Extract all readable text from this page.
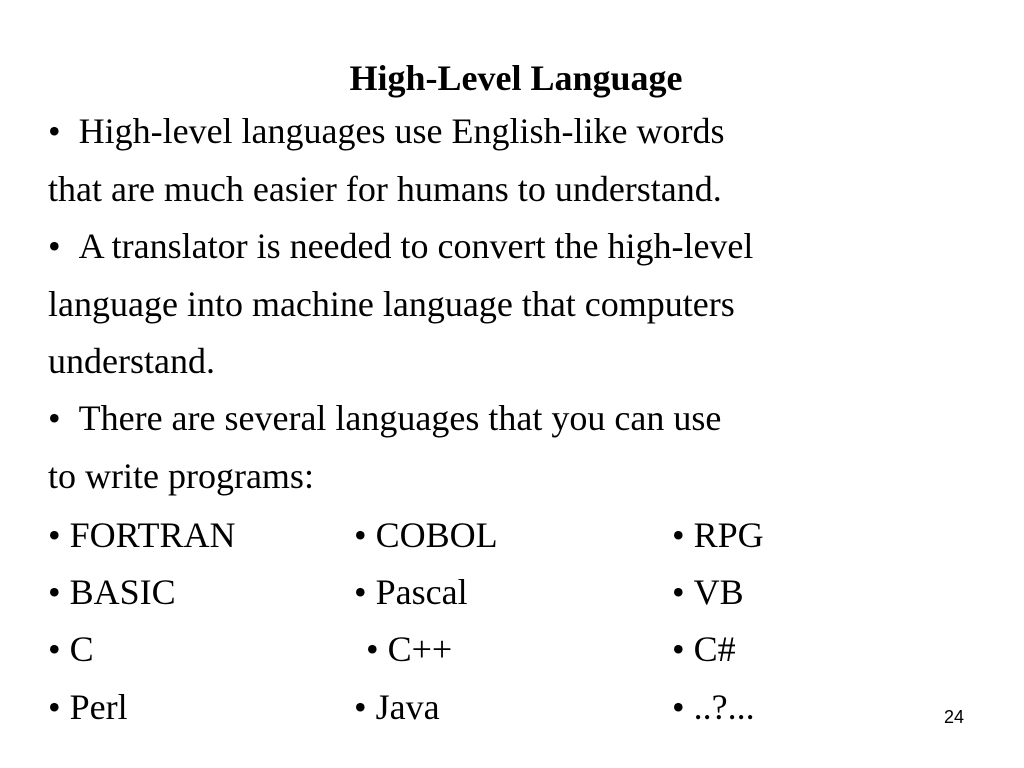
High-Level Language
•  High-level languages use English-like words
that are much easier for humans to understand.
•  A translator is needed to convert the high-level
language into machine language that computers
understand.
•  There are several languages that you can use
to write programs:
• FORTRAN
• BASIC
• C
• Perl
• COBOL
• Pascal
• C++
• Java
• RPG
• VB
• C#
• ..?...	24
